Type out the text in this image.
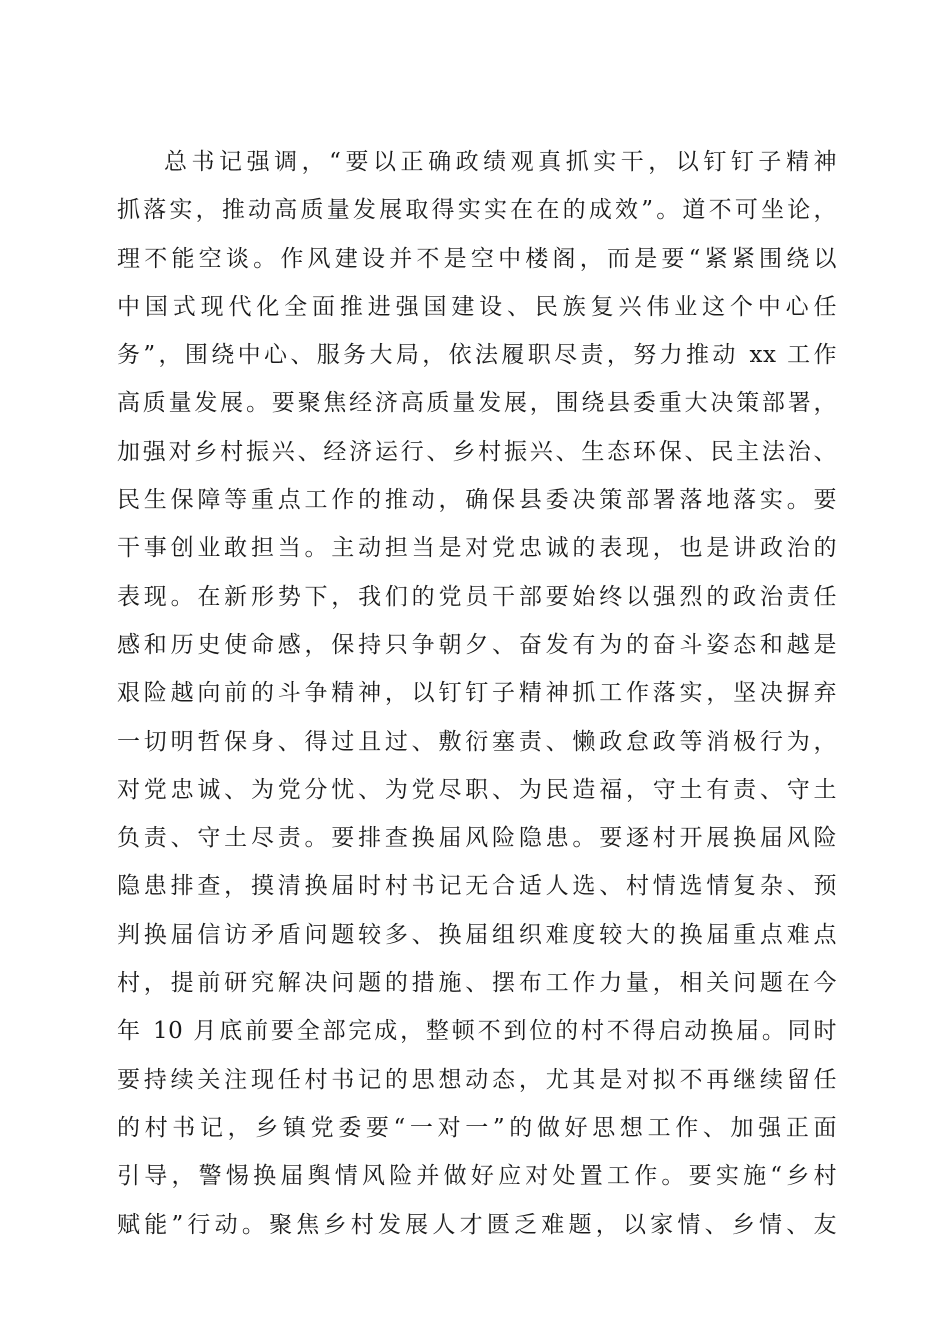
总书记强调，“要以正确政绩观真抓实干，以钉钉子精神
抓落实，推动高质量发展取得实实在在的成效”。道不可坐论，
理不能空谈。作风建设并不是空中楼阁，而是要“紧紧围绕以
中国式现代化全面推进强国建设、民族复兴伟业这个中心任
务”，围绕中心、服务大局，依法履职尽责，努力推动 xx 工作
高质量发展。要聚焦经济高质量发展，围绕县委重大决策部署，
加强对乡村振兴、经济运行、乡村振兴、生态环保、民主法治、
民生保障等重点工作的推动，确保县委决策部署落地落实。要
干事创业敢担当。主动担当是对党忠诚的表现，也是讲政治的
表现。在新形势下，我们的党员干部要始终以强烈的政治责任
感和历史使命感，保持只争朝夕、奋发有为的奋斗姿态和越是
艰险越向前的斗争精神，以钉钉子精神抓工作落实，坚决摒弃
一切明哲保身、得过且过、敷衍塞责、懒政怠政等消极行为，
对党忠诚、为党分忧、为党尽职、为民造福，守土有责、守土
负责、守土尽责。要排查换届风险隐患。要逐村开展换届风险
隐患排查，摸清换届时村书记无合适人选、村情选情复杂、预
判换届信访矛盾问题较多、换届组织难度较大的换届重点难点
村，提前研究解决问题的措施、摆布工作力量，相关问题在今
年 10 月底前要全部完成，整顿不到位的村不得启动换届。同时
要持续关注现任村书记的思想动态，尤其是对拟不再继续留任
的村书记，乡镇党委要“一对一”的做好思想工作、加强正面
引导，警惕换届舆情风险并做好应对处置工作。要实施“乡村
赋能”行动。聚焦乡村发展人才匮乏难题，以家情、乡情、友
